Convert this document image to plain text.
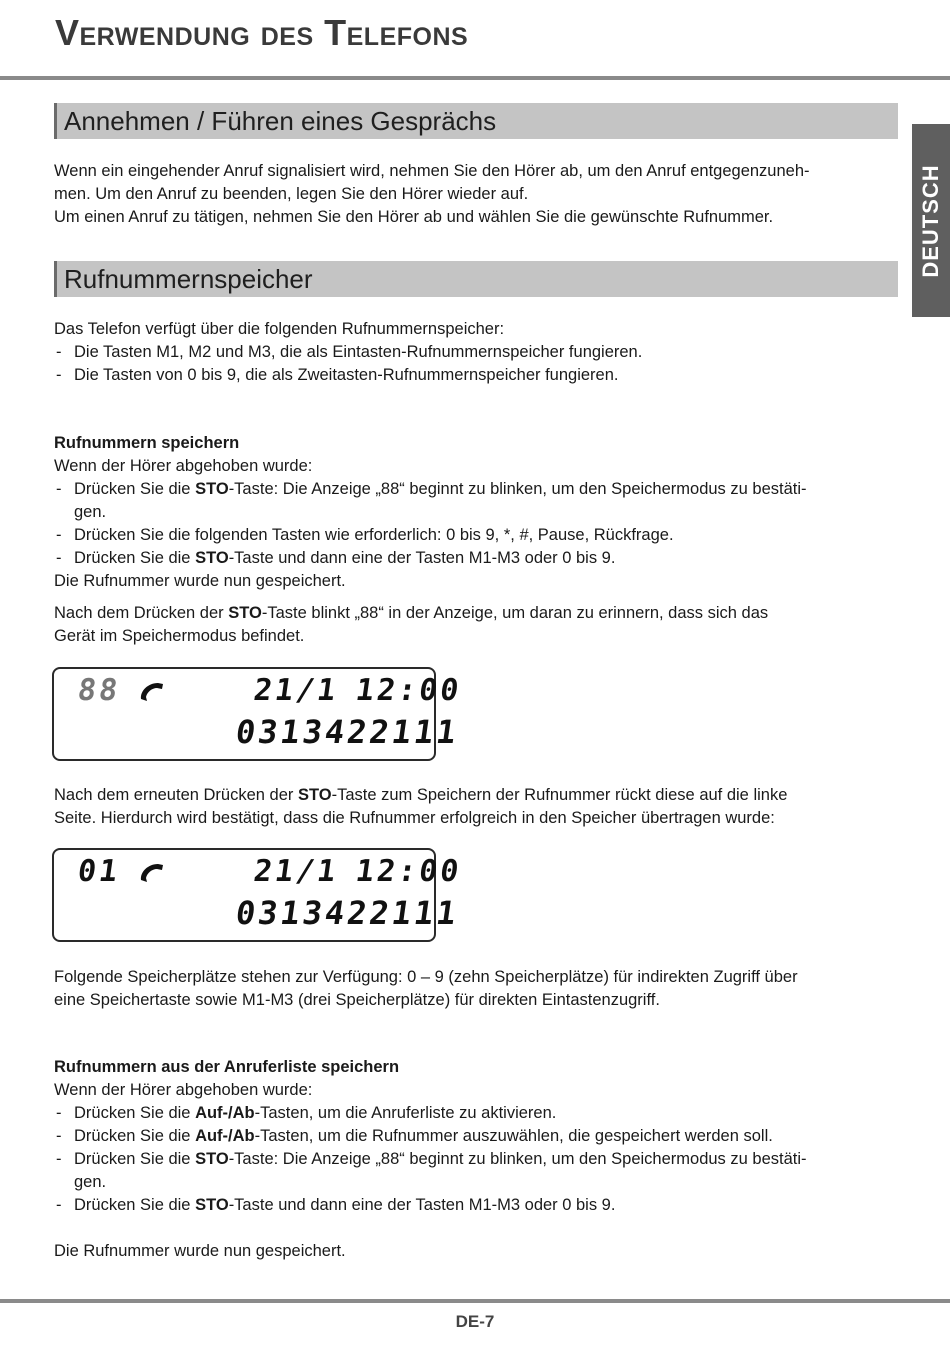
Verwendung des Telefons
DEUTSCH
Annehmen / Führen eines Gesprächs

Wenn ein eingehender Anruf signalisiert wird, nehmen Sie den Hörer ab, um den Anruf entgegenzuneh-

men. Um den Anruf zu beenden, legen Sie den Hörer wieder auf.

Um einen Anruf zu tätigen, nehmen Sie den Hörer ab und wählen Sie die gewünschte Rufnummer.

Rufnummernspeicher

Das Telefon verfügt über die folgenden Rufnummernspeicher:

- Die Tasten M1, M2 und M3, die als Eintasten-Rufnummernspeicher fungieren.
- Die Tasten von 0 bis 9, die als Zweitasten-Rufnummernspeicher fungieren.

Rufnummern speichern

Wenn der Hörer abgehoben wurde:

- Drücken Sie die STO-Taste: Die Anzeige „88“ beginnt zu blinken, um den Speichermodus zu bestäti-
gen.
- Drücken Sie die folgenden Tasten wie erforderlich: 0 bis 9, *, #, Pause, Rückfrage.
- Drücken Sie die STO-Taste und dann eine der Tasten M1-M3 oder 0 bis 9.

Die Rufnummer wurde nun gespeichert.

Nach dem Drücken der STO-Taste blinkt „88“ in der Anzeige, um daran zu erinnern, dass sich das

Gerät im Speichermodus befindet.

88	21/1 12:00
0313422111

Nach dem erneuten Drücken der STO-Taste zum Speichern der Rufnummer rückt diese auf die linke

Seite. Hierdurch wird bestätigt, dass die Rufnummer erfolgreich in den Speicher übertragen wurde:

01	21/1 12:00
0313422111

Folgende Speicherplätze stehen zur Verfügung: 0 – 9 (zehn Speicherplätze) für indirekten Zugriff über

eine Speichertaste sowie M1-M3 (drei Speicherplätze) für direkten Eintastenzugriff.

Rufnummern aus der Anruferliste speichern

Wenn der Hörer abgehoben wurde:

- Drücken Sie die Auf-/Ab-Tasten, um die Anruferliste zu aktivieren.
- Drücken Sie die Auf-/Ab-Tasten, um die Rufnummer auszuwählen, die gespeichert werden soll.
- Drücken Sie die STO-Taste: Die Anzeige „88“ beginnt zu blinken, um den Speichermodus zu bestäti-
gen.
- Drücken Sie die STO-Taste und dann eine der Tasten M1-M3 oder 0 bis 9.

Die Rufnummer wurde nun gespeichert.

DE-7
